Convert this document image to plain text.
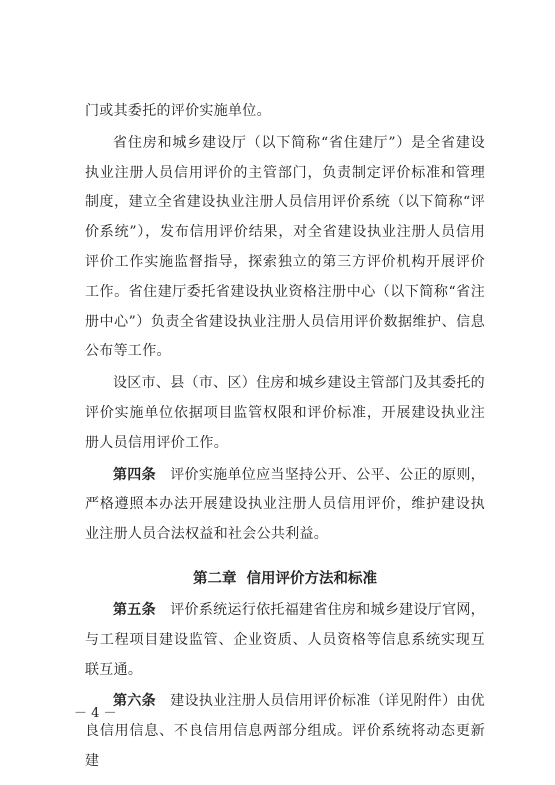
门或其委托的评价实施单位。

省住房和城乡建设厅（以下简称“省住建厅”）是全省建设执业注册人员信用评价的主管部门，负责制定评价标准和管理制度，建立全省建设执业注册人员信用评价系统（以下简称“评价系统”），发布信用评价结果，对全省建设执业注册人员信用评价工作实施监督指导，探索独立的第三方评价机构开展评价工作。省住建厅委托省建设执业资格注册中心（以下简称“省注册中心”）负责全省建设执业注册人员信用评价数据维护、信息公布等工作。

设区市、县（市、区）住房和城乡建设主管部门及其委托的评价实施单位依据项目监管权限和评价标准，开展建设执业注册人员信用评价工作。

第四条　 评价实施单位应当坚持公开、公平、公正的原则，严格遵照本办法开展建设执业注册人员信用评价，维护建设执业注册人员合法权益和社会公共利益。

第二章 信用评价方法和标准

第五条　 评价系统运行依托福建省住房和城乡建设厅官网，与工程项目建设监管、企业资质、人员资格等信息系统实现互联互通。

第六条　 建设执业注册人员信用评价标准（详见附件）由优良信用信息、不良信用信息两部分组成。评价系统将动态更新建

－ 4 －
